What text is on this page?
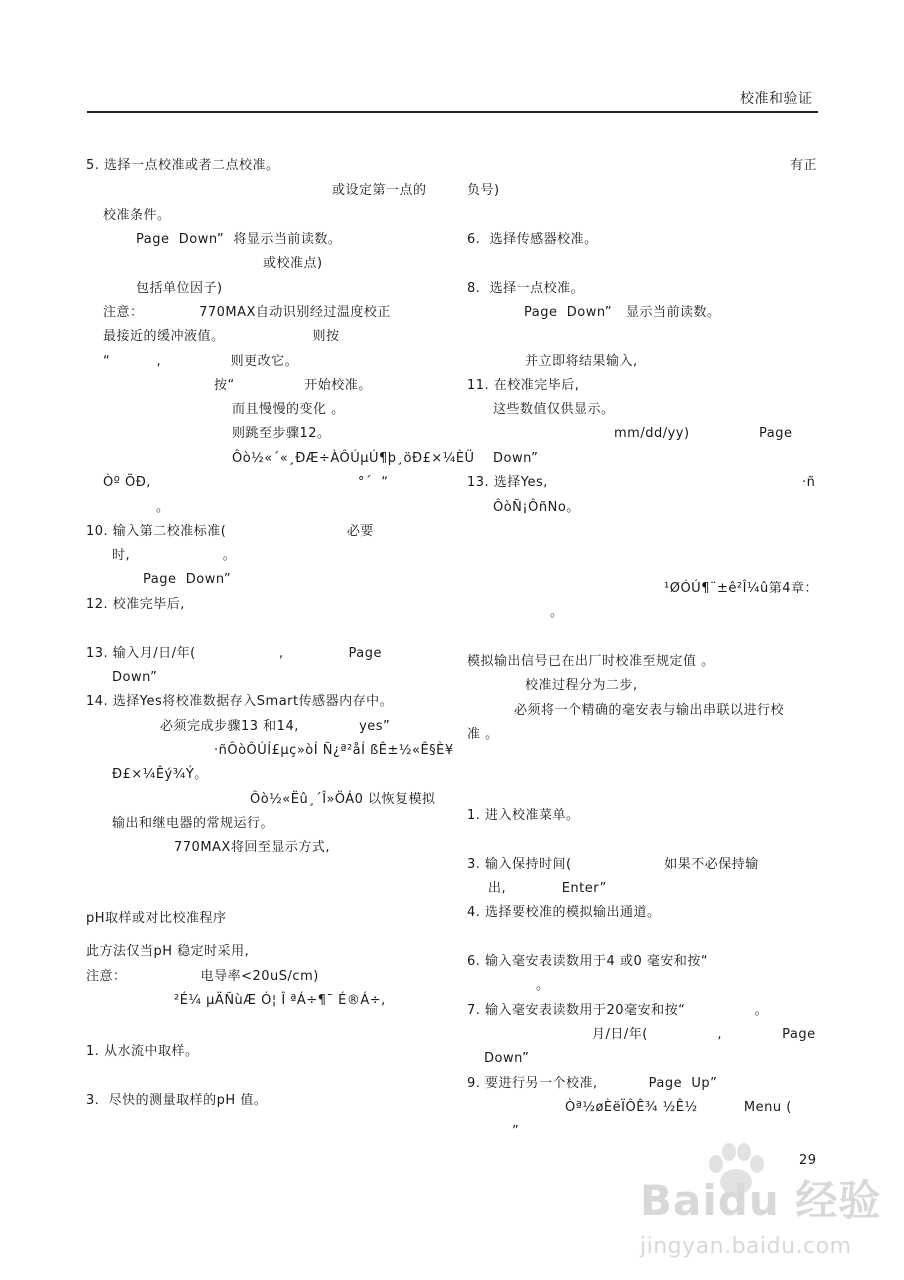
校准和验证
5. 选择一点校准或者二点校准。
或设定第一点的
校准条件。
Page  Down”  将显示当前读数。
或校准点)
包括单位因子)
注意：            770MAX自动识别经过温度校正
最接近的缓冲液值。                   则按
“          ,               则更改它。
按“               开始校准。
而且慢慢的变化 。
则跳至步骤12。
Ôò½«´«¸ÐÆ÷ÀÔÚµÚ¶þ¸öÐ£×¼ÈÜ
Òº ÕÐ,	°´  “
。
10. 输入第二校准标准(                          必要
时,                    。
Page  Down”
12. 校准完毕后,
13. 输入月/日/年(                  ,              Page
Down”
14. 选择Yes将校准数据存入Smart传感器内存中。
必须完成步骤13 和14,             yes”
·ñÔòÔÚÍ£µç»òÍ Ñ¿ª²åÍ ßÊ±½«Ê§È¥
Ð£×¼Êý¾Ý。
Ôò½«Ëû¸´Î»ÖÁ0 以恢复模拟
输出和继电器的常规运行。
770MAX将回至显示方式,
pH取样或对比校准程序
此方法仅当pH 稳定时采用,
注意：                电导率<20uS/cm)
²É¼ µÄÑùÆ Ó¦ Î ªÁ÷¶¯ É®Á÷,
1. 从水流中取样。
3.  尽快的测量取样的pH 值。
有正
负号)
6.  选择传感器校准。
8.  选择一点校准。
Page  Down”   显示当前读数。
并立即将结果输入,
11. 在校准完毕后,
这些数值仅供显示。
mm/dd/yy)               Page
Down”
13. 选择Yes,	·ñ
ÔòÑ¡ÔñNo。
¹ØÓÚ¶¨±ê²Î¼û第4章：
。
模拟输出信号已在出厂时校准至规定值 。
校准过程分为二步,
必须将一个精确的毫安表与输出串联以进行校
准 。
1. 进入校准菜单。
3. 输入保持时间(                    如果不必保持输
出,            Enter”
4. 选择要校准的模拟输出通道。
6. 输入毫安表读数用于4 或0 毫安和按“
。
7. 输入毫安表读数用于20毫安和按“               。
月/日/年(               ,             Page
Down”
9. 要进行另一个校准,           Page  Up”
Òª½øÈëÏÔÊ¾ ½Ê½          Menu (
”
29
Baidu 经验
jingyan.baidu.com
